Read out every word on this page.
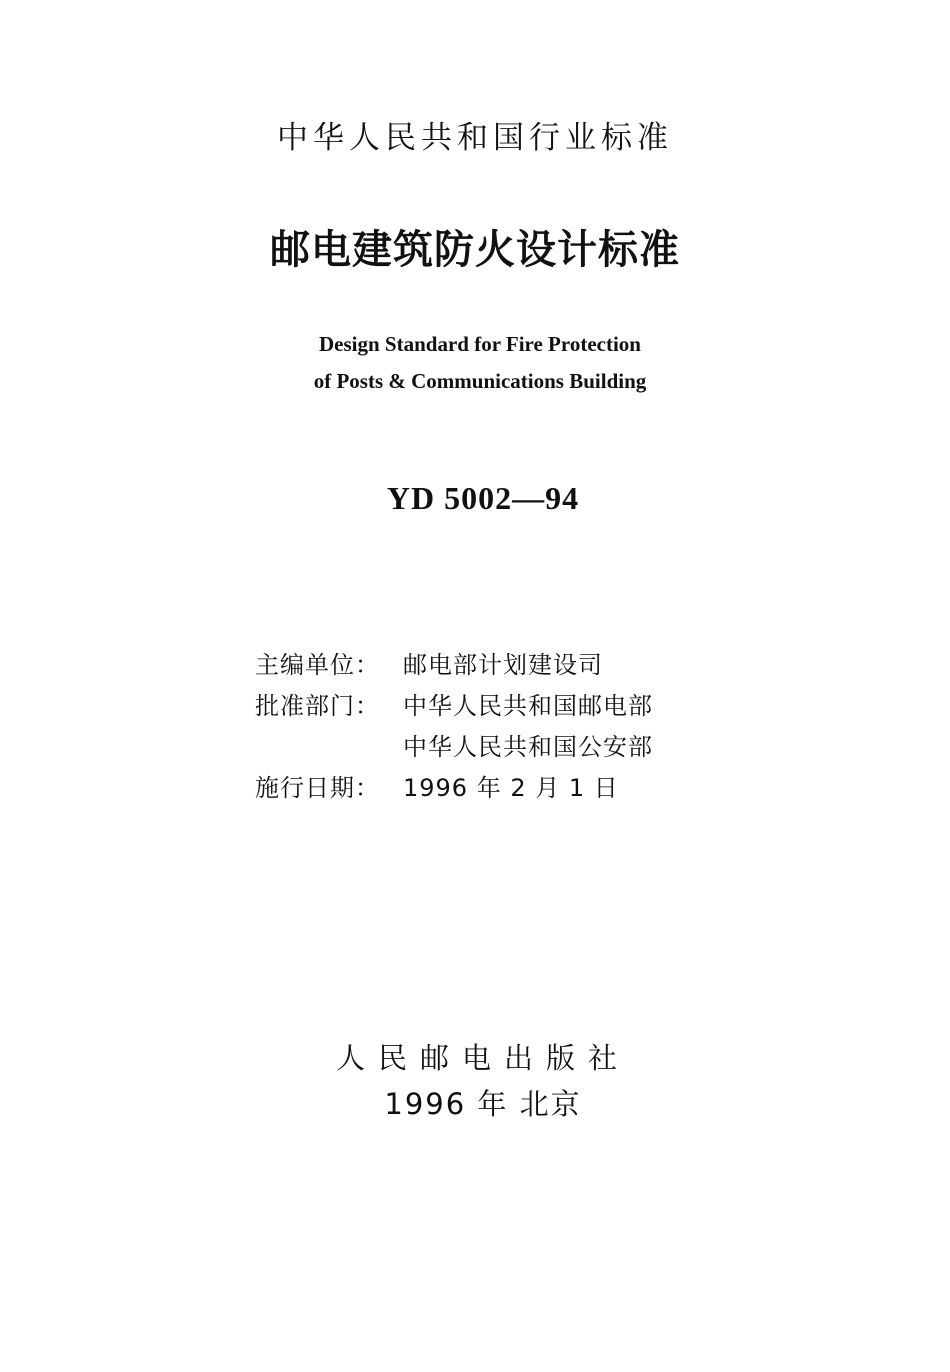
中华人民共和国行业标准
邮电建筑防火设计标准
Design Standard for Fire Protection
of Posts & Communications Building
YD 5002—94
主编单位： 邮电部计划建设司
批准部门： 中华人民共和国邮电部
中华人民共和国公安部
施行日期： 1996 年 2 月 1 日
人民邮电出版社
1996 年 北京
